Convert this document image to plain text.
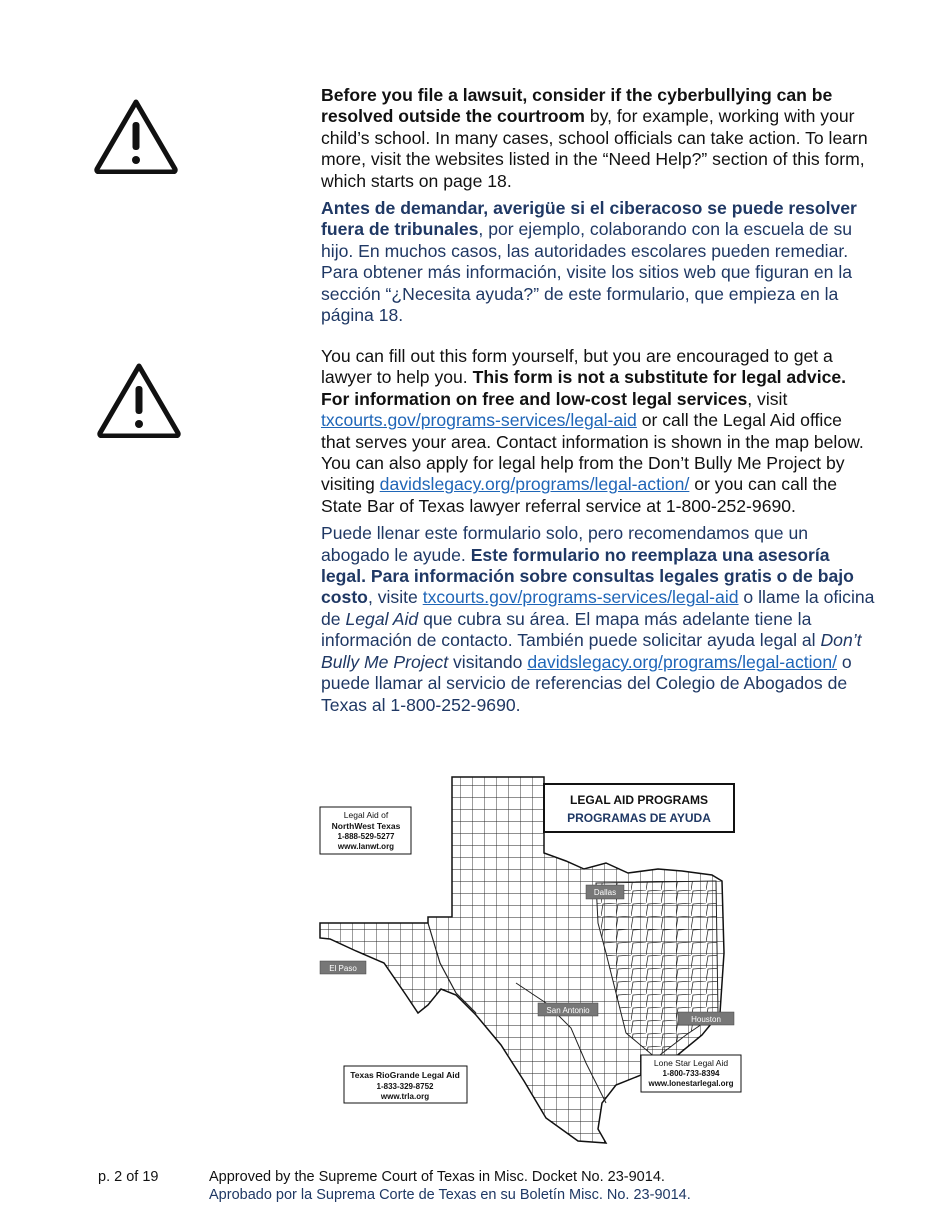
Before you file a lawsuit, consider if the cyberbullying can be resolved outside the courtroom by, for example, working with your child’s school. In many cases, school officials can take action. To learn more, visit the websites listed in the “Need Help?” section of this form, which starts on page 18.

Antes de demandar, averigüe si el ciberacoso se puede resolver fuera de tribunales, por ejemplo, colaborando con la escuela de su hijo. En muchos casos, las autoridades escolares pueden remediar. Para obtener más información, visite los sitios web que figuran en la sección “¿Necesita ayuda?” de este formulario, que empieza en la página 18.

You can fill out this form yourself, but you are encouraged to get a lawyer to help you. This form is not a substitute for legal advice. For information on free and low-cost legal services, visit txcourts.gov/programs-services/legal-aid or call the Legal Aid office that serves your area. Contact information is shown in the map below. You can also apply for legal help from the Don’t Bully Me Project by visiting davidslegacy.org/programs/legal-action/ or you can call the State Bar of Texas lawyer referral service at 1-800-252-9690.

Puede llenar este formulario solo, pero recomendamos que un abogado le ayude. Este formulario no reemplaza una asesoría legal. Para información sobre consultas legales gratis o de bajo costo, visite txcourts.gov/programs-services/legal-aid o llame la oficina de Legal Aid que cubra su área. El mapa más adelante tiene la información de contacto. También puede solicitar ayuda legal al Don’t Bully Me Project visitando davidslegacy.org/programs/legal-action/ o puede llamar al servicio de referencias del Colegio de Abogados de Texas al 1-800-252-9690.

LEGAL AID PROGRAMS
PROGRAMAS DE AYUDA
Legal Aid of
NorthWest Texas
1-888-529-5277
www.lanwt.org
Texas RioGrande Legal Aid
1-833-329-8752
www.trla.org
Lone Star Legal Aid
1-800-733-8394
www.lonestarlegal.org
Dallas
El Paso
San Antonio
Houston
p. 2 of 19	Approved by the Supreme Court of Texas in Misc. Docket No. 23-9014.
Aprobado por la Suprema Corte de Texas en su Boletín Misc. No. 23-9014.
